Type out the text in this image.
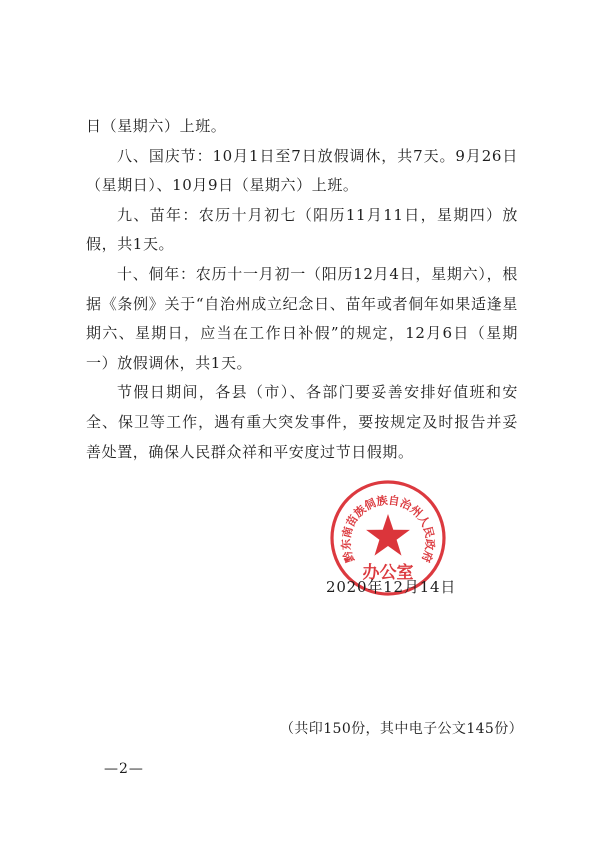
日（星期六）上班。

八、国庆节：10月1日至7日放假调休，共7天。9月26日（星期日）、10月9日（星期六）上班。

九、苗年：农历十月初七（阳历11月11日，星期四）放假，共1天。

十、侗年：农历十一月初一（阳历12月4日，星期六），根据《条例》关于“自治州成立纪念日、苗年或者侗年如果适逢星期六、星期日，应当在工作日补假”的规定，12月6日（星期一）放假调休，共1天。

节假日期间，各县（市）、各部门要妥善安排好值班和安全、保卫等工作，遇有重大突发事件，要按规定及时报告并妥善处置，确保人民群众祥和平安度过节日假期。

黔东南苗族侗族自治州人民政府
办公室
2020年12月14日
（共印150份，其中电子公文145份）
—2—
